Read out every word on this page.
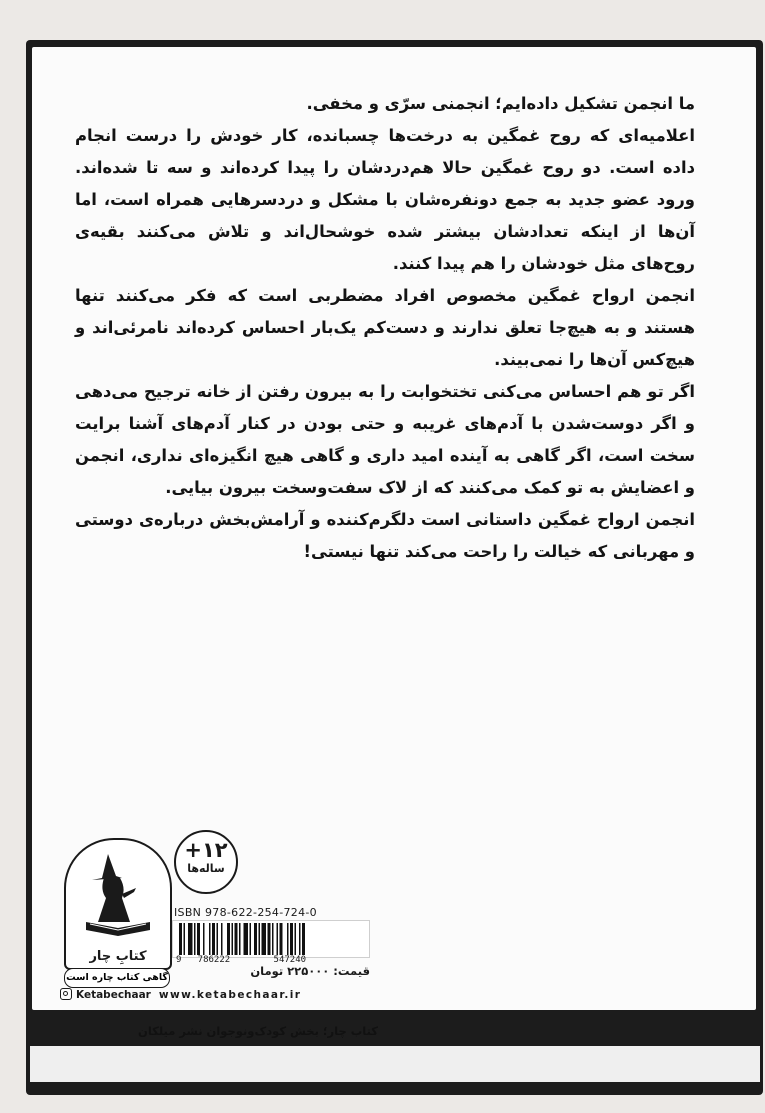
ما انجمن تشکیل داده‌ایم؛ انجمنی سرّی و مخفی.

اعلامیه‌ای که روح غمگین به درخت‌ها چسبانده، کار خودش را درست انجام داده است. دو روح غمگین حالا هم‌دردشان را پیدا کرده‌اند و سه تا شده‌اند. ورود عضو جدید به جمع دونفره‌شان با مشکل و دردسرهایی همراه است، اما آن‌ها از اینکه تعدادشان بیشتر شده خوشحال‌اند و تلاش می‌کنند بقیه‌ی روح‌های مثل خودشان را هم پیدا کنند.

انجمن ارواح غمگین مخصوص افراد مضطربی است که فکر می‌کنند تنها هستند و به هیچ‌جا تعلق ندارند و دست‌کم یک‌بار احساس کرده‌اند نامرئی‌اند و هیچ‌کس آن‌ها را نمی‌بیند.

اگر تو هم احساس می‌کنی تختخوابت را به بیرون رفتن از خانه ترجیح می‌دهی و اگر دوست‌شدن با آدم‌های غریبه و حتی بودن در کنار آدم‌های آشنا برایت سخت است، اگر گاهی به آینده امید داری و گاهی هیچ انگیزه‌ای نداری، انجمن و اعضایش به تو کمک می‌کنند که از لاک سفت‌وسخت بیرون بیایی.

انجمن ارواح غمگین داستانی است دلگرم‌کننده و آرامش‌بخش درباره‌ی دوستی و مهربانی که خیالت را راحت می‌کند تنها نیستی!

کتابِ چار
گاهی کتاب چاره است
+۱۲
ساله‌ها
ISBN 978-622-254-724-0
9   786222        547240
قیمت: ۲۲۵۰۰۰ تومان
Ketabechaar www.ketabechaar.ir
کتاب چار؛ بخش کودک‌ونوجوان نشر میلکان
